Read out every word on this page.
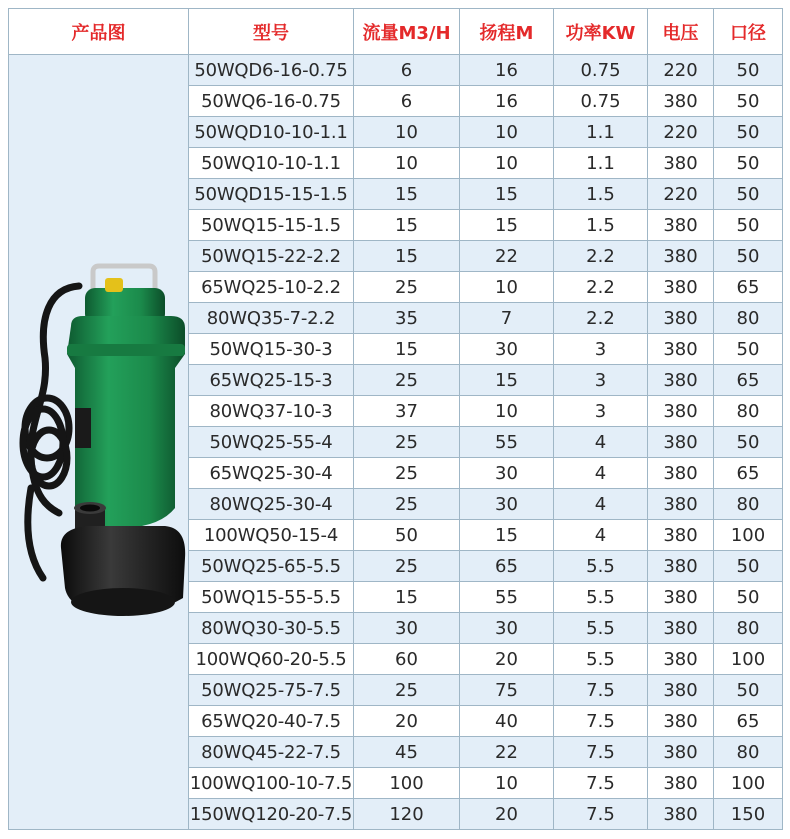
产品图	型号	流量M3/H	扬程M	功率KW	电压	口径

	50WQD6-16-0.75	6	16	0.75	220	50
	50WQ6-16-0.75	6	16	0.75	380	50
	50WQD10-10-1.1	10	10	1.1	220	50
	50WQ10-10-1.1	10	10	1.1	380	50
	50WQD15-15-1.5	15	15	1.5	220	50
	50WQ15-15-1.5	15	15	1.5	380	50
	50WQ15-22-2.2	15	22	2.2	380	50
	65WQ25-10-2.2	25	10	2.2	380	65
	80WQ35-7-2.2	35	7	2.2	380	80
	50WQ15-30-3	15	30	3	380	50
	65WQ25-15-3	25	15	3	380	65
	80WQ37-10-3	37	10	3	380	80
	50WQ25-55-4	25	55	4	380	50
	65WQ25-30-4	25	30	4	380	65
	80WQ25-30-4	25	30	4	380	80
	100WQ50-15-4	50	15	4	380	100
	50WQ25-65-5.5	25	65	5.5	380	50
	50WQ15-55-5.5	15	55	5.5	380	50
	80WQ30-30-5.5	30	30	5.5	380	80
	100WQ60-20-5.5	60	20	5.5	380	100
	50WQ25-75-7.5	25	75	7.5	380	50
	65WQ20-40-7.5	20	40	7.5	380	65
	80WQ45-22-7.5	45	22	7.5	380	80
	100WQ100-10-7.5	100	10	7.5	380	100
	150WQ120-20-7.5	120	20	7.5	380	150
